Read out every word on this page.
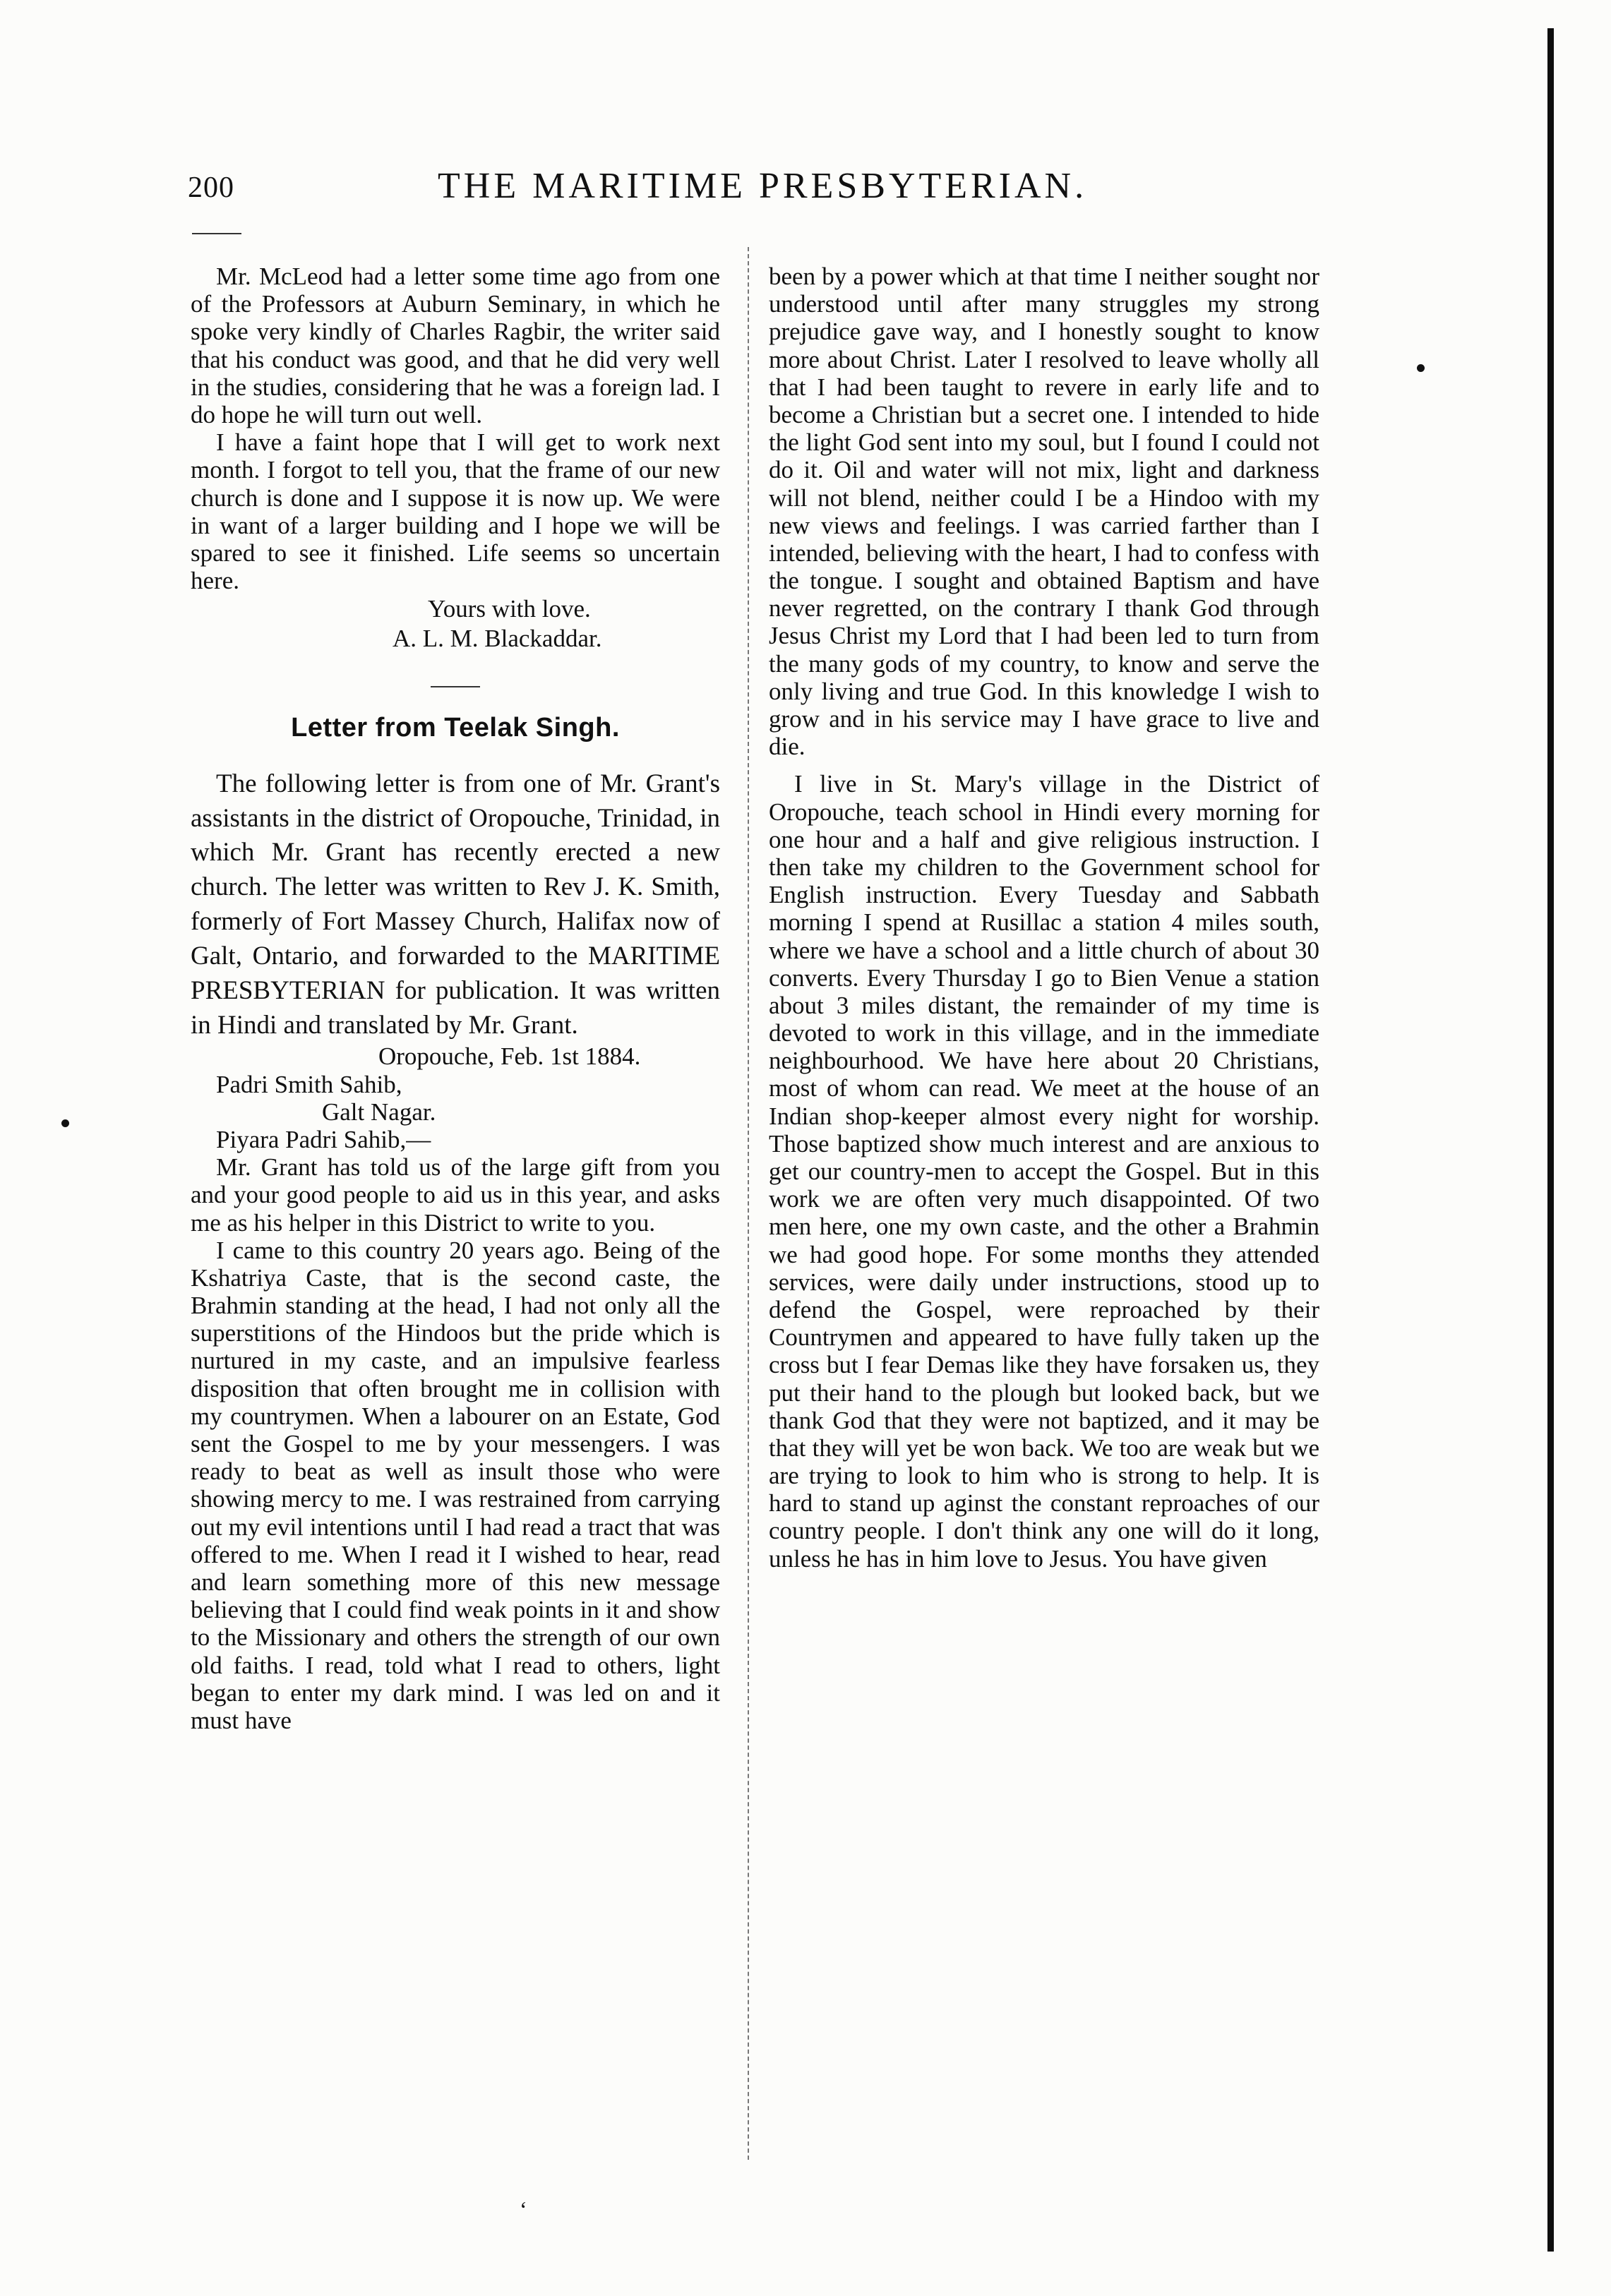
200	THE MARITIME PRESBYTERIAN.

Mr. McLeod had a letter some time ago from one of the Professors at Auburn Seminary, in which he spoke very kindly of Charles Ragbir, the writer said that his conduct was good, and that he did very well in the studies, considering that he was a foreign lad. I do hope he will turn out well.

I have a faint hope that I will get to work next month. I forgot to tell you, that the frame of our new church is done and I suppose it is now up. We were in want of a larger building and I hope we will be spared to see it finished. Life seems so uncertain here.

Yours with love.

A. L. M. Blackaddar.

Letter from Teelak Singh.

The following letter is from one of Mr. Grant's assistants in the district of Oropouche, Trinidad, in which Mr. Grant has recently erected a new church. The letter was written to Rev J. K. Smith, formerly of Fort Massey Church, Halifax now of Galt, Ontario, and forwarded to the MARITIME PRESBYTERIAN for publication. It was written in Hindi and translated by Mr. Grant.

Oropouche, Feb. 1st 1884.

Padri Smith Sahib,

Galt Nagar.

Piyara Padri Sahib,—

Mr. Grant has told us of the large gift from you and your good people to aid us in this year, and asks me as his helper in this District to write to you.

I came to this country 20 years ago. Being of the Kshatriya Caste, that is the second caste, the Brahmin standing at the head, I had not only all the superstitions of the Hindoos but the pride which is nurtured in my caste, and an impulsive fearless disposition that often brought me in collision with my countrymen. When a labourer on an Estate, God sent the Gospel to me by your messengers. I was ready to beat as well as insult those who were showing mercy to me. I was restrained from carrying out my evil intentions until I had read a tract that was offered to me. When I read it I wished to hear, read and learn something more of this new message believing that I could find weak points in it and show to the Missionary and others the strength of our own old faiths. I read, told what I read to others, light began to enter my dark mind. I was led on and it must have

been by a power which at that time I neither sought nor understood until after many struggles my strong prejudice gave way, and I honestly sought to know more about Christ. Later I resolved to leave wholly all that I had been taught to revere in early life and to become a Christian but a secret one. I intended to hide the light God sent into my soul, but I found I could not do it. Oil and water will not mix, light and darkness will not blend, neither could I be a Hindoo with my new views and feelings. I was carried farther than I intended, believing with the heart, I had to confess with the tongue. I sought and obtained Baptism and have never regretted, on the contrary I thank God through Jesus Christ my Lord that I had been led to turn from the many gods of my country, to know and serve the only living and true God. In this knowledge I wish to grow and in his service may I have grace to live and die.

I live in St. Mary's village in the District of Oropouche, teach school in Hindi every morning for one hour and a half and give religious instruction. I then take my children to the Government school for English instruction. Every Tuesday and Sabbath morning I spend at Rusillac a station 4 miles south, where we have a school and a little church of about 30 converts. Every Thursday I go to Bien Venue a station about 3 miles distant, the remainder of my time is devoted to work in this village, and in the immediate neighbourhood. We have here about 20 Christians, most of whom can read. We meet at the house of an Indian shop-keeper almost every night for worship. Those baptized show much interest and are anxious to get our country-men to accept the Gospel. But in this work we are often very much disappointed. Of two men here, one my own caste, and the other a Brahmin we had good hope. For some months they attended services, were daily under instructions, stood up to defend the Gospel, were reproached by their Countrymen and appeared to have fully taken up the cross but I fear Demas like they have forsaken us, they put their hand to the plough but looked back, but we thank God that they were not baptized, and it may be that they will yet be won back. We too are weak but we are trying to look to him who is strong to help. It is hard to stand up aginst the constant reproaches of our country people. I don't think any one will do it long, unless he has in him love to Jesus. You have given

‘
